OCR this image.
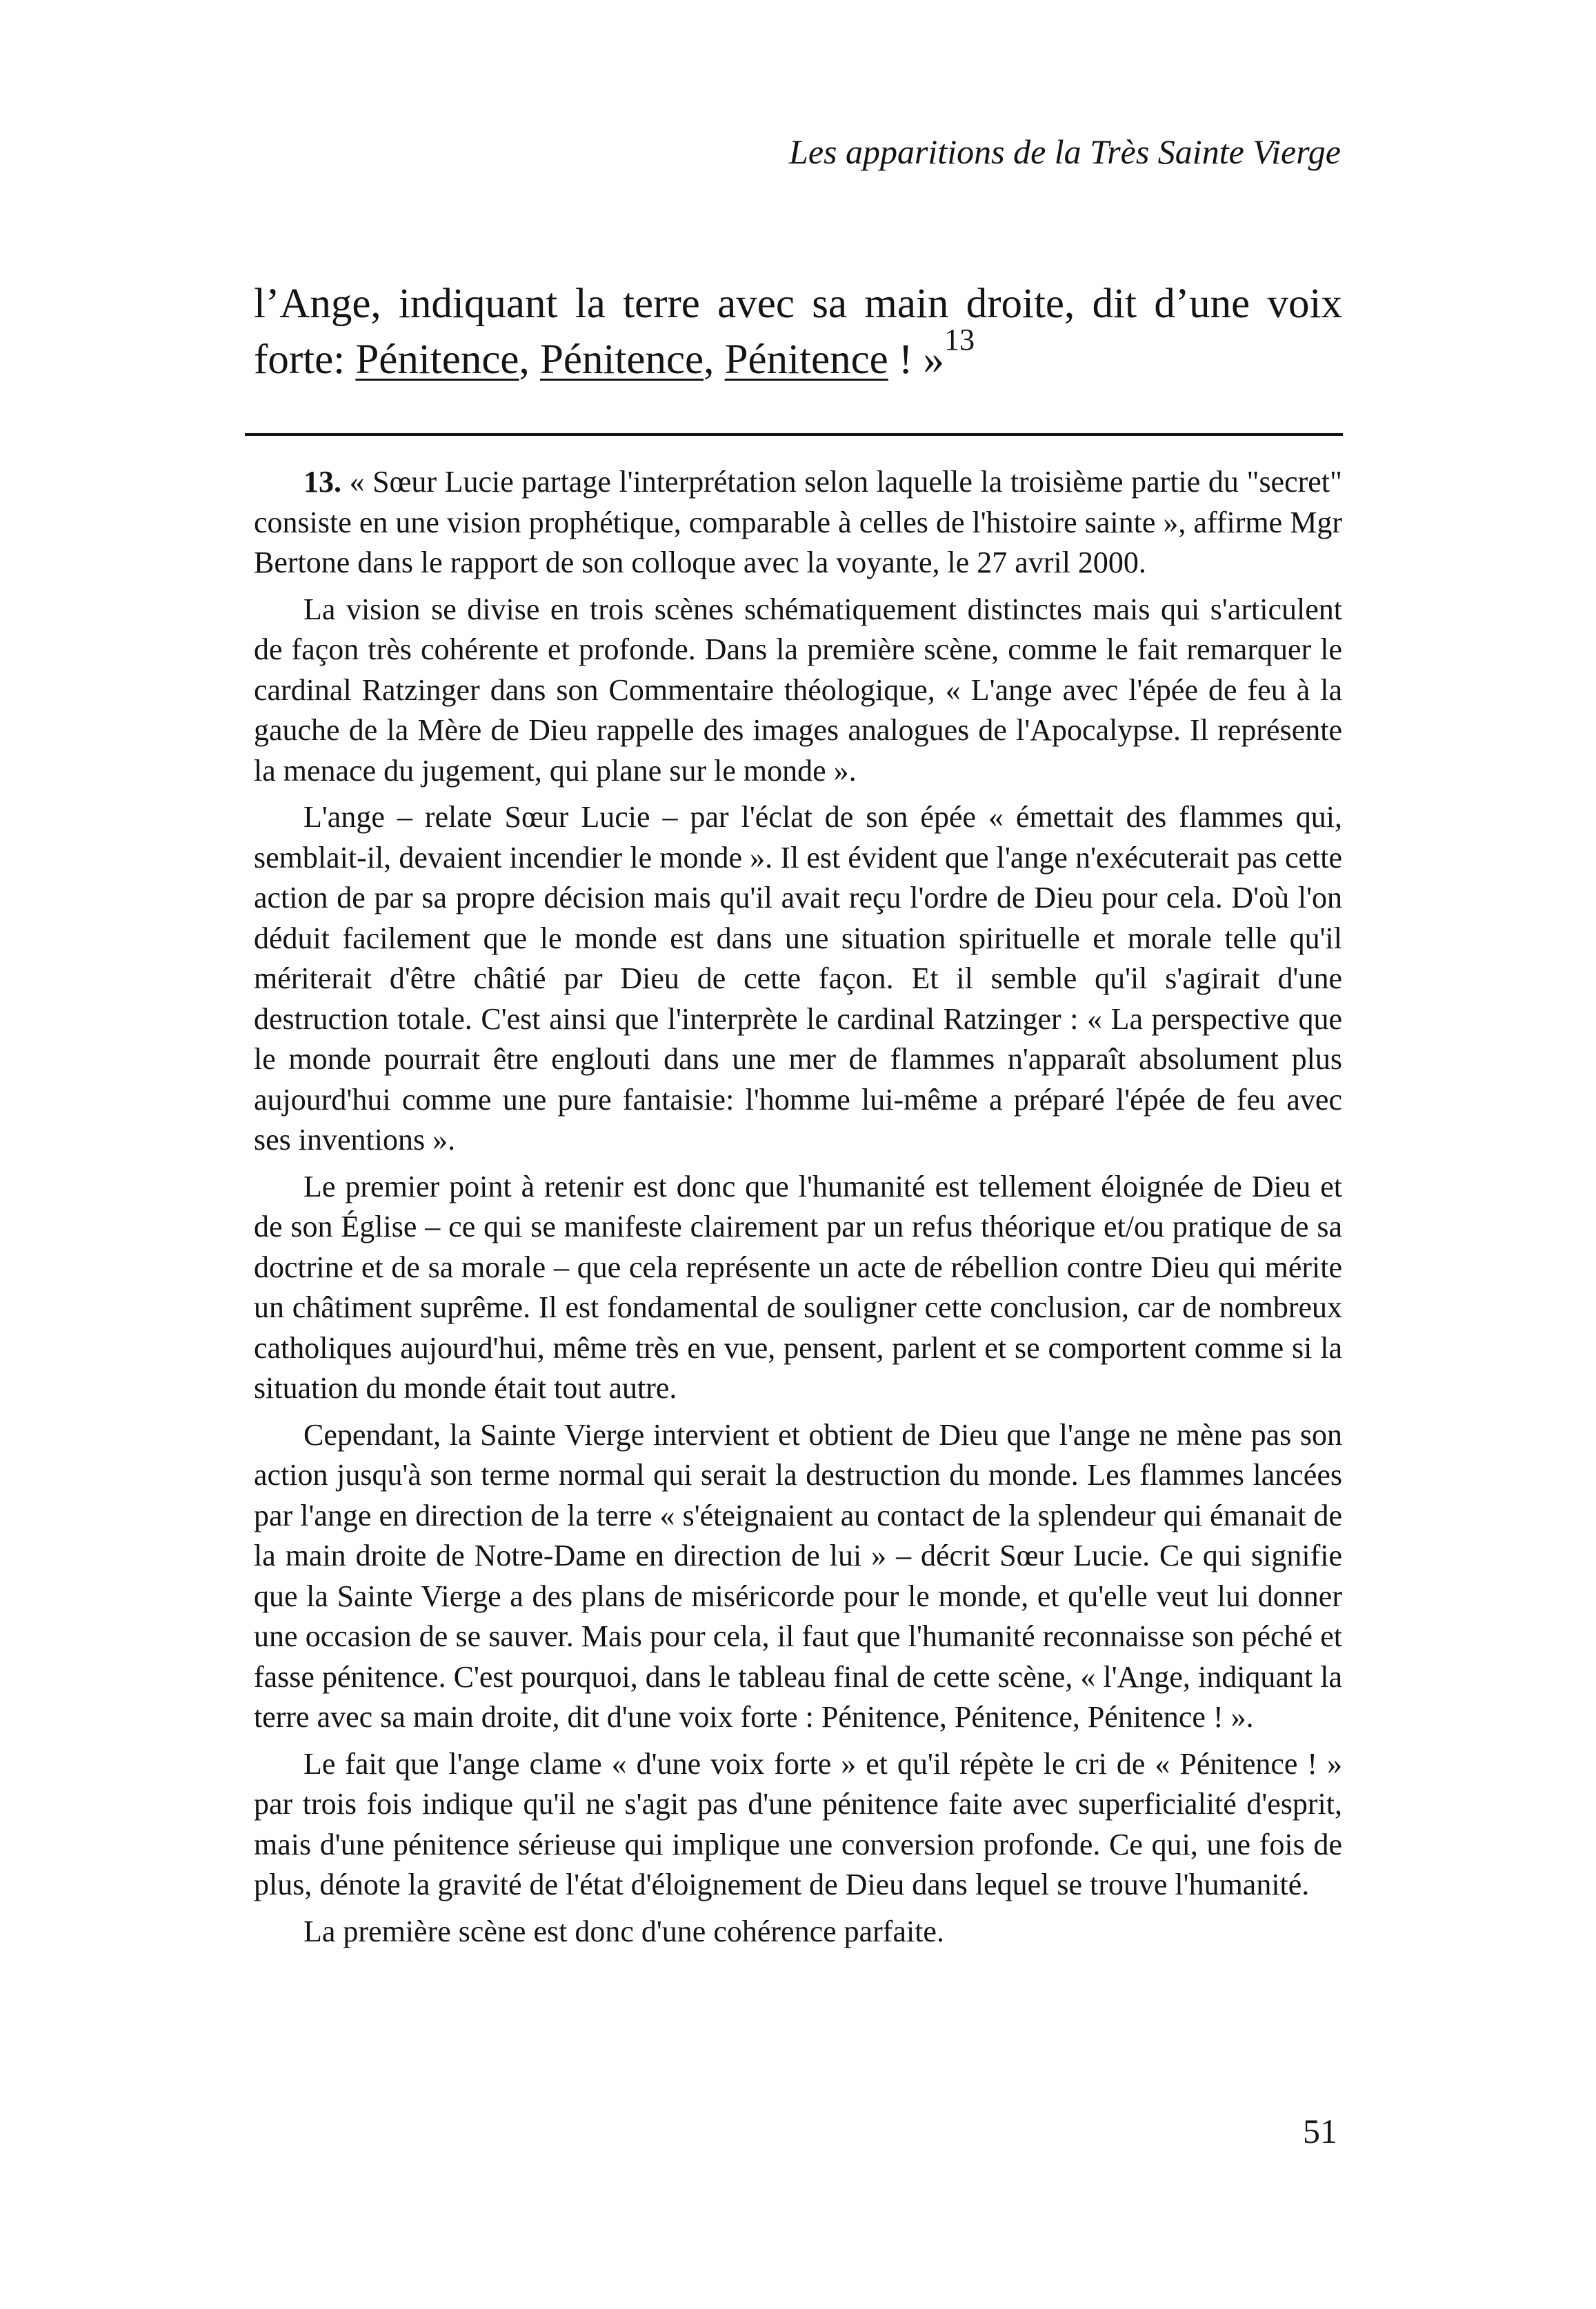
Les apparitions de la Très Sainte Vierge

l’Ange, indiquant la terre avec sa main droite, dit d’une voix forte: Pénitence, Pénitence, Pénitence ! »$^{13}$

13. « Sœur Lucie partage l'interprétation selon laquelle la troisième partie du "secret" consiste en une vision prophétique, comparable à celles de l'histoire sainte », affirme Mgr Bertone dans le rapport de son colloque avec la voyante, le 27 avril 2000.

La vision se divise en trois scènes schématiquement distinctes mais qui s'articulent de façon très cohérente et profonde. Dans la première scène, comme le fait remarquer le cardinal Ratzinger dans son Commentaire théologique, « L'ange avec l'épée de feu à la gauche de la Mère de Dieu rappelle des images analogues de l'Apocalypse. Il représente la menace du jugement, qui plane sur le monde ».

L'ange – relate Sœur Lucie – par l'éclat de son épée « émettait des flammes qui, semblait-il, devaient incendier le monde ». Il est évident que l'ange n'exécuterait pas cette action de par sa propre décision mais qu'il avait reçu l'ordre de Dieu pour cela. D'où l'on déduit facilement que le monde est dans une situation spirituelle et morale telle qu'il mériterait d'être châtié par Dieu de cette façon. Et il semble qu'il s'agirait d'une destruction totale. C'est ainsi que l'interprète le cardinal Ratzinger : « La perspective que le monde pourrait être englouti dans une mer de flammes n'apparaît absolument plus aujourd'hui comme une pure fantaisie: l'homme lui-même a préparé l'épée de feu avec ses inventions ».

Le premier point à retenir est donc que l'humanité est tellement éloignée de Dieu et de son Église – ce qui se manifeste clairement par un refus théorique et/ou pratique de sa doctrine et de sa morale – que cela représente un acte de rébellion contre Dieu qui mérite un châtiment suprême. Il est fondamental de souligner cette conclusion, car de nombreux catholiques aujourd'hui, même très en vue, pensent, parlent et se comportent comme si la situation du monde était tout autre.

Cependant, la Sainte Vierge intervient et obtient de Dieu que l'ange ne mène pas son action jusqu'à son terme normal qui serait la destruction du monde. Les flammes lancées par l'ange en direction de la terre « s'éteignaient au contact de la splendeur qui émanait de la main droite de Notre-Dame en direction de lui » – décrit Sœur Lucie. Ce qui signifie que la Sainte Vierge a des plans de miséricorde pour le monde, et qu'elle veut lui donner une occasion de se sauver. Mais pour cela, il faut que l'humanité reconnaisse son péché et fasse pénitence. C'est pourquoi, dans le tableau final de cette scène, « l'Ange, indiquant la terre avec sa main droite, dit d'une voix forte : Pénitence, Pénitence, Pénitence ! ».

Le fait que l'ange clame « d'une voix forte » et qu'il répète le cri de « Pénitence ! » par trois fois indique qu'il ne s'agit pas d'une pénitence faite avec superficialité d'esprit, mais d'une pénitence sérieuse qui implique une conversion profonde. Ce qui, une fois de plus, dénote la gravité de l'état d'éloignement de Dieu dans lequel se trouve l'humanité.

La première scène est donc d'une cohérence parfaite.

51
